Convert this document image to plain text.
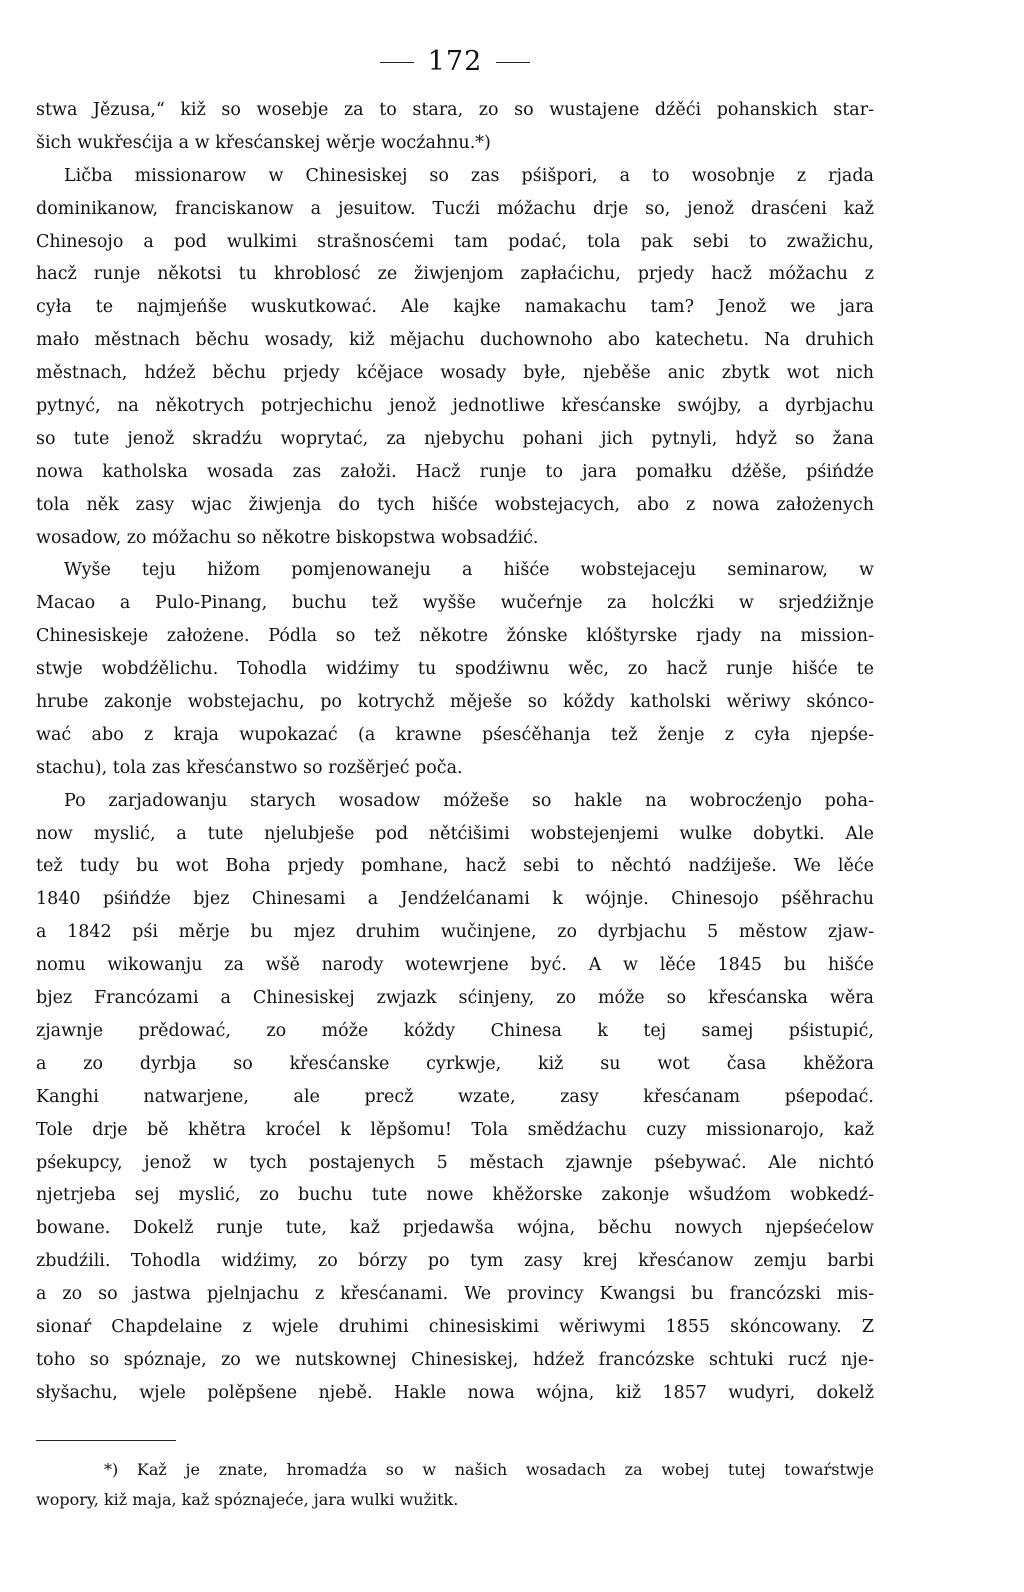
172
stwa Jězusa,“ kiž so wosebje za to stara, zo so wustajene dźěći pohanskich star-
šich wukřesćija a w křesćanskej wěrje wocźahnu.*)
Ličba missionarow w Chinesiskej so zas pśišpori, a to wosobnje z rjada
dominikanow, franciskanow a jesuitow. Tucźi móžachu drje so, jenož drasćeni kaž
Chinesojo a pod wulkimi strašnosćemi tam podać, tola pak sebi to zwažichu,
hacž runje někotsi tu khroblosć ze žiwjenjom zapłaćichu, prjedy hacž móžachu z
cyła te najmjeńše wuskutkować. Ale kajke namakachu tam? Jenož we jara
mało městnach běchu wosady, kiž mějachu duchownoho abo katechetu. Na druhich
městnach, hdźež běchu prjedy kćějace wosady byłe, njeběše anic zbytk wot nich
pytnyć, na někotrych potrjechichu jenož jednotliwe křesćanske swójby, a dyrbjachu
so tute jenož skradźu woprytać, za njebychu pohani jich pytnyli, hdyž so žana
nowa katholska wosada zas załoži. Hacž runje to jara pomałku dźěše, pśińdźe
tola něk zasy wjac žiwjenja do tych hišće wobstejacych, abo z nowa założenych
wosadow, zo móžachu so někotre biskopstwa wobsadźić.
Wyše teju hižom pomjenowaneju a hišće wobstejaceju seminarow, w
Macao a Pulo-Pinang, buchu tež wyšše wučeŕnje za holcźki w srjedźižnje
Chinesiskeje założene. Pódla so tež někotre žónske klóštyrske rjady na mission-
stwje wobdźělichu. Tohodla widźimy tu spodźiwnu wěc, zo hacž runje hišće te
hrube zakonje wobstejachu, po kotrychž měješe so kóždy katholski wěriwy skónco-
wać abo z kraja wupokazać (a krawne pśesćěhanja tež ženje z cyła njepśe-
stachu), tola zas křesćanstwo so rozšěrjeć poča.
Po zarjadowanju starych wosadow móžeše so hakle na wobrocźenjo poha-
now myslić, a tute njelubješe pod nětćišimi wobstejenjemi wulke dobytki. Ale
tež tudy bu wot Boha prjedy pomhane, hacž sebi to něchtó nadźiješe. We lěće
1840 pśińdźe bjez Chinesami a Jendźelćanami k wójnje. Chinesojo pśěhrachu
a 1842 pśi měrje bu mjez druhim wučinjene, zo dyrbjachu 5 městow zjaw-
nomu wikowanju za wšě narody wotewrjene być. A w lěće 1845 bu hišće
bjez Francózami a Chinesiskej zwjazk sćinjeny, zo móže so křesćanska wěra
zjawnje prědować, zo móže kóždy Chinesa k tej samej pśistupić,
a zo dyrbja so křesćanske cyrkwje, kiž su wot časa khěžora
Kanghi natwarjene, ale precž wzate, zasy křesćanam pśepodać.
Tole drje bě khětra kroćel k lěpšomu! Tola smědźachu cuzy missionarojo, kaž
pśekupcy, jenož w tych postajenych 5 městach zjawnje pśebywać. Ale nichtó
njetrjeba sej myslić, zo buchu tute nowe khěžorske zakonje wšudźom wobkedź-
bowane. Dokelž runje tute, kaž prjedawša wójna, běchu nowych njepśećelow
zbudźili. Tohodla widźimy, zo bórzy po tym zasy krej křesćanow zemju barbi
a zo so jastwa pjelnjachu z křesćanami. We provincy Kwangsi bu francózski mis-
sionaŕ Chapdelaine z wjele druhimi chinesiskimi wěriwymi 1855 skóncowany. Z
toho so spóznaje, zo we nutskownej Chinesiskej, hdźež francózske schtuki rucź nje-
słyšachu, wjele polěpšene njebě. Hakle nowa wójna, kiž 1857 wudyri, dokelž
*) Kaž je znate, hromadźa so w našich wosadach za wobej tutej towaŕstwje
wopory, kiž maja, kaž spóznajeće, jara wulki wužitk.
